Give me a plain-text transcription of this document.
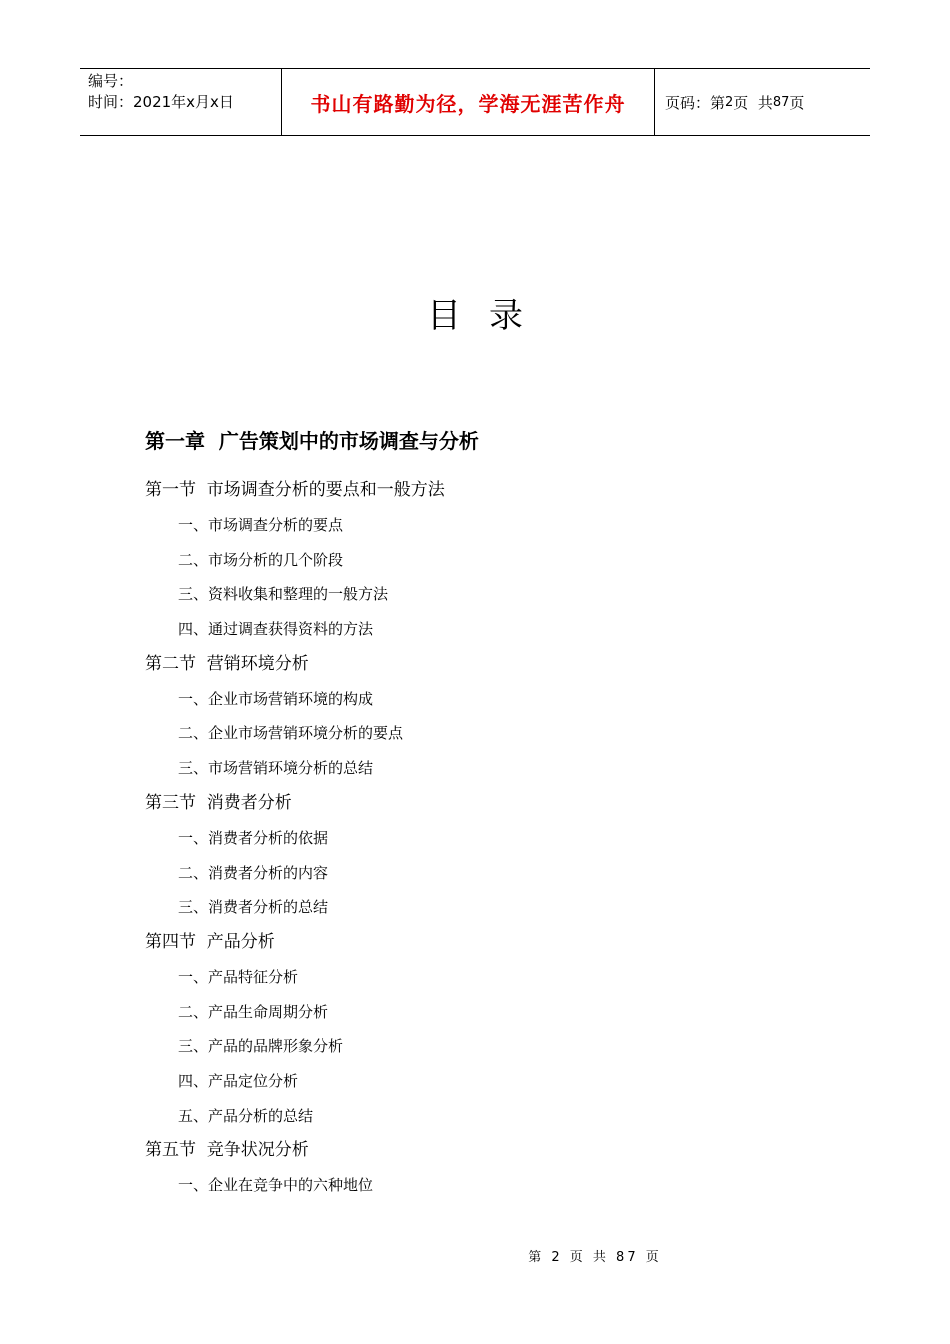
编号：
时间：2021年x月x日	书山有路勤为径，学海无涯苦作舟	页码：第 2 页  共 87 页
目录
第一章  广告策划中的市场调查与分析
第一节  市场调查分析的要点和一般方法
一、市场调查分析的要点
二、市场分析的几个阶段
三、资料收集和整理的一般方法
四、通过调查获得资料的方法
第二节  营销环境分析
一、企业市场营销环境的构成
二、企业市场营销环境分析的要点
三、市场营销环境分析的总结
第三节  消费者分析
一、消费者分析的依据
二、消费者分析的内容
三、消费者分析的总结
第四节  产品分析
一、产品特征分析
二、产品生命周期分析
三、产品的品牌形象分析
四、产品定位分析
五、产品分析的总结
第五节  竞争状况分析
一、企业在竞争中的六种地位
第 2 页 共 87 页
